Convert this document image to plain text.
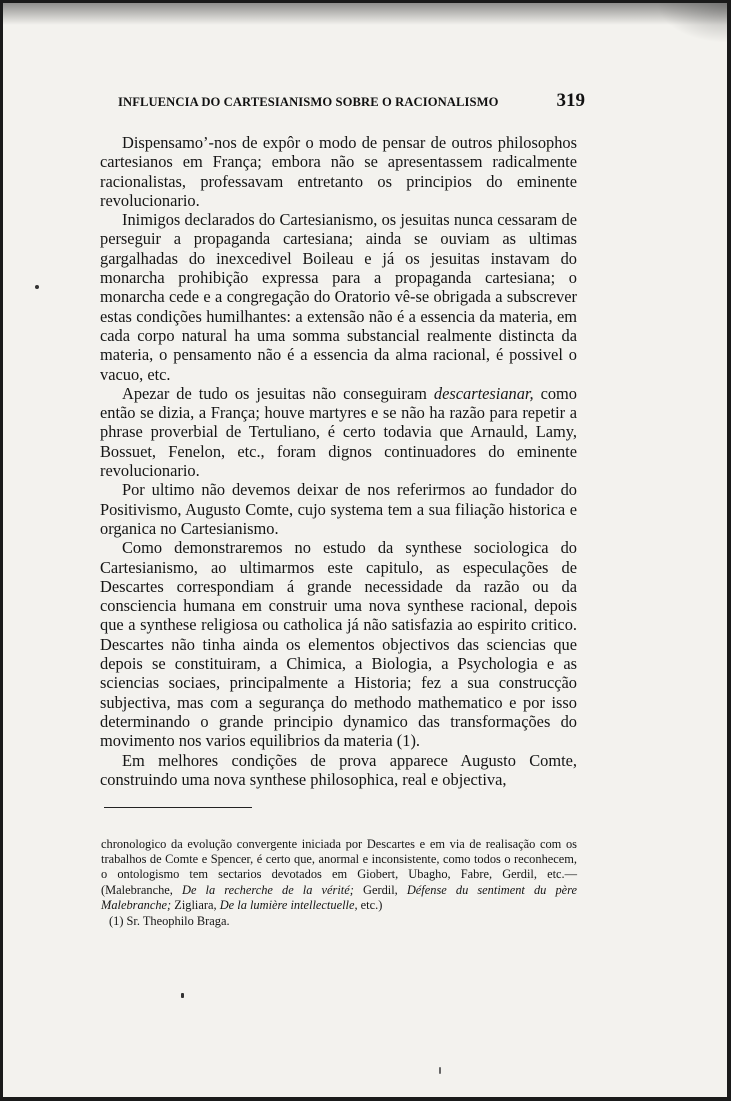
INFLUENCIA DO CARTESIANISMO SOBRE O RACIONALISMO	319

Dispensamo’-nos de expôr o modo de pensar de outros philosophos cartesianos em França; embora não se apresentassem radicalmente racionalistas, professavam entretanto os principios do eminente revolucionario.

Inimigos declarados do Cartesianismo, os jesuitas nunca cessaram de perseguir a propaganda cartesiana; ainda se ouviam as ultimas gargalhadas do inexcedivel Boileau e já os jesuitas instavam do monarcha prohibição expressa para a propaganda cartesiana; o monarcha cede e a congregação do Oratorio vê-se obrigada a subscrever estas condições humilhantes: a extensão não é a essencia da materia, em cada corpo natural ha uma somma substancial realmente distincta da materia, o pensamento não é a essencia da alma racional, é possivel o vacuo, etc.

Apezar de tudo os jesuitas não conseguiram descartesianar, como então se dizia, a França; houve martyres e se não ha razão para repetir a phrase proverbial de Tertuliano, é certo todavia que Arnauld, Lamy, Bossuet, Fenelon, etc., foram dignos continuadores do eminente revolucionario.

Por ultimo não devemos deixar de nos referirmos ao fundador do Positivismo, Augusto Comte, cujo systema tem a sua filiação historica e organica no Cartesianismo.

Como demonstraremos no estudo da synthese sociologica do Cartesianismo, ao ultimarmos este capitulo, as especulações de Descartes correspondiam á grande necessidade da razão ou da consciencia humana em construir uma nova synthese racional, depois que a synthese religiosa ou catholica já não satisfazia ao espirito critico. Descartes não tinha ainda os elementos objectivos das sciencias que depois se constituiram, a Chimica, a Biologia, a Psychologia e as sciencias sociaes, principalmente a Historia; fez a sua construcção subjectiva, mas com a segurança do methodo mathematico e por isso determinando o grande principio dynamico das transformações do movimento nos varios equilibrios da materia (1).

Em melhores condições de prova apparece Augusto Comte, construindo uma nova synthese philosophica, real e objectiva,

chronologico da evolução convergente iniciada por Descartes e em via de realisação com os trabalhos de Comte e Spencer, é certo que, anormal e inconsistente, como todos o reconhecem, o ontologismo tem sectarios devotados em Giobert, Ubagho, Fabre, Gerdil, etc.—(Malebranche, De la recherche de la vérité; Gerdil, Défense du sentiment du père Malebranche; Zigliara, De la lumière intellectuelle, etc.)

(1) Sr. Theophilo Braga.
